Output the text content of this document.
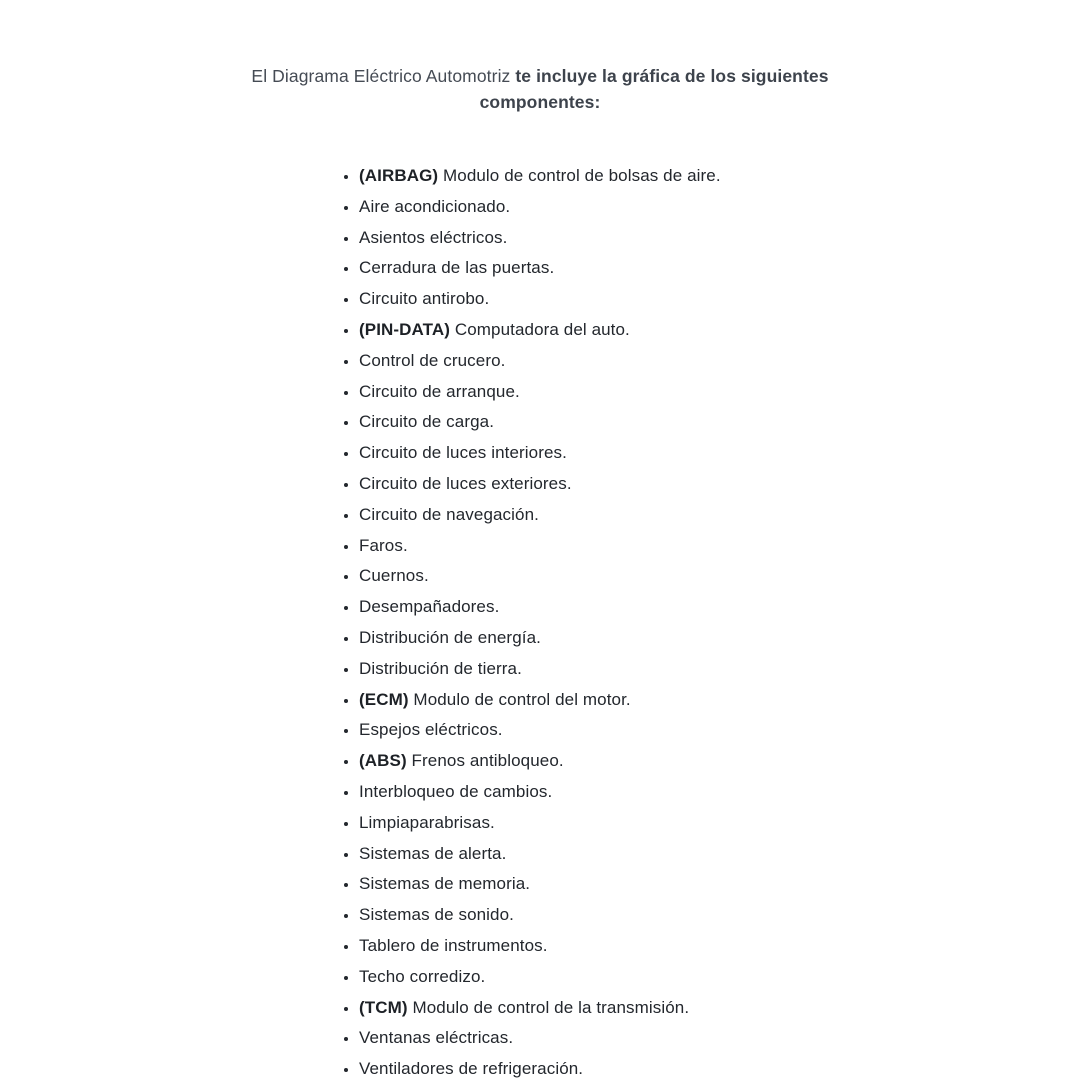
El Diagrama Eléctrico Automotriz te incluye la gráfica de los siguientes componentes:

• (AIRBAG) Modulo de control de bolsas de aire.
• Aire acondicionado.
• Asientos eléctricos.
• Cerradura de las puertas.
• Circuito antirobo.
• (PIN-DATA) Computadora del auto.
• Control de crucero.
• Circuito de arranque.
• Circuito de carga.
• Circuito de luces interiores.
• Circuito de luces exteriores.
• Circuito de navegación.
• Faros.
• Cuernos.
• Desempañadores.
• Distribución de energía.
• Distribución de tierra.
• (ECM) Modulo de control del motor.
• Espejos eléctricos.
• (ABS) Frenos antibloqueo.
• Interbloqueo de cambios.
• Limpiaparabrisas.
• Sistemas de alerta.
• Sistemas de memoria.
• Sistemas de sonido.
• Tablero de instrumentos.
• Techo corredizo.
• (TCM) Modulo de control de la transmisión.
• Ventanas eléctricas.
• Ventiladores de refrigeración.
